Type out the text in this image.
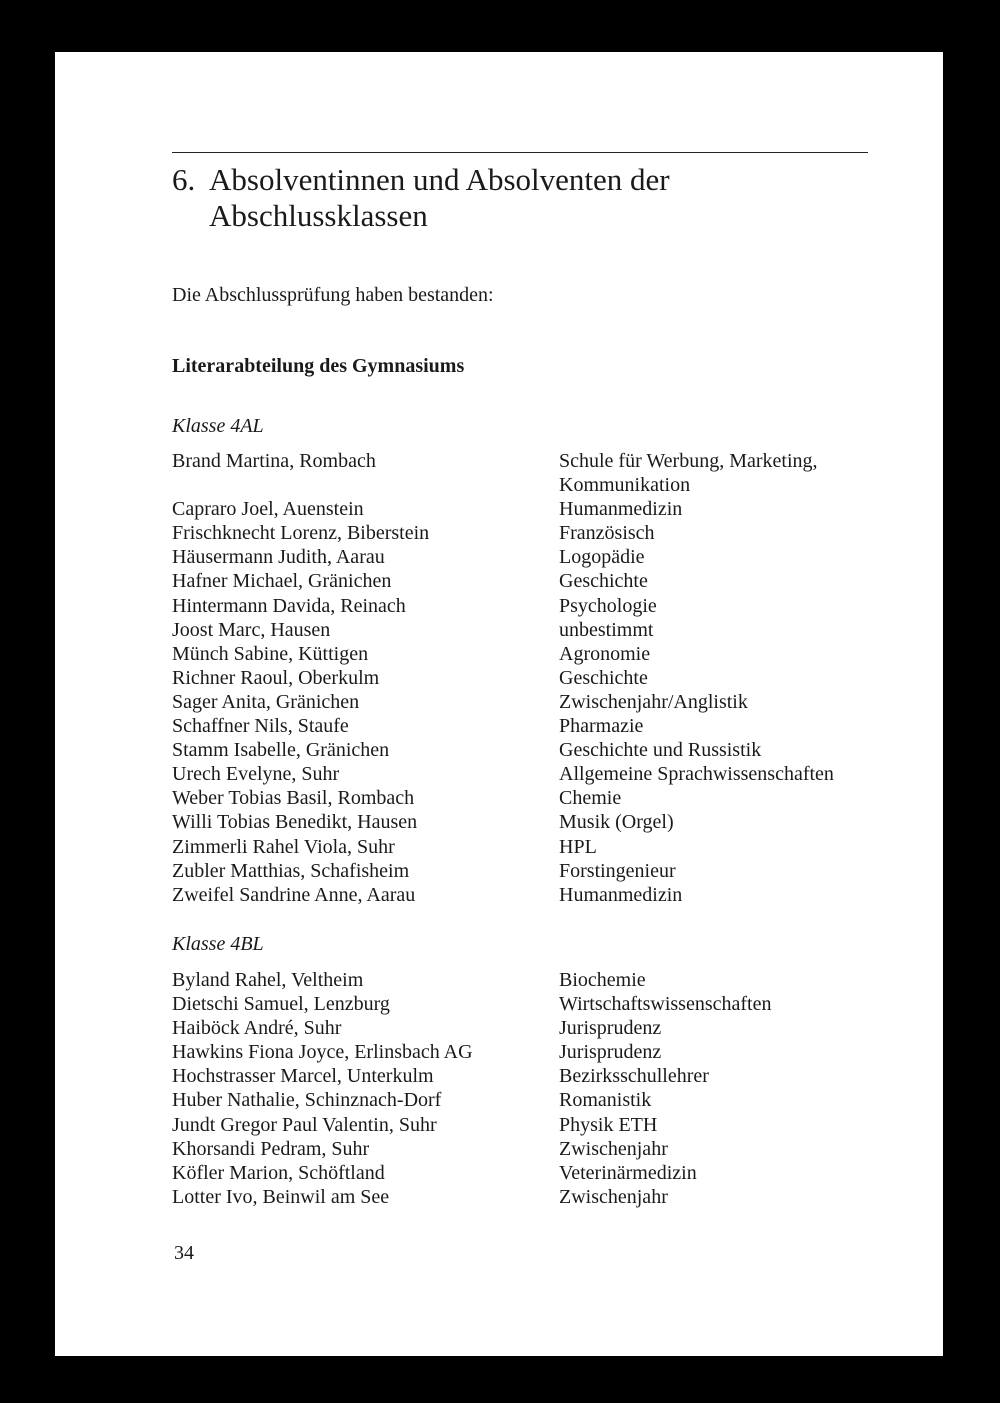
6. Absolventinnen und Absolventen der
Abschlussklassen
Die Abschlussprüfung haben bestanden:
Literarabteilung des Gymnasiums
Klasse 4AL
Brand Martina, Rombach	Schule für Werbung, Marketing,
Kommunikation
Capraro Joel, Auenstein	Humanmedizin
Frischknecht Lorenz, Biberstein	Französisch
Häusermann Judith, Aarau	Logopädie
Hafner Michael, Gränichen	Geschichte
Hintermann Davida, Reinach	Psychologie
Joost Marc, Hausen	unbestimmt
Münch Sabine, Küttigen	Agronomie
Richner Raoul, Oberkulm	Geschichte
Sager Anita, Gränichen	Zwischenjahr/Anglistik
Schaffner Nils, Staufe	Pharmazie
Stamm Isabelle, Gränichen	Geschichte und Russistik
Urech Evelyne, Suhr	Allgemeine Sprachwissenschaften
Weber Tobias Basil, Rombach	Chemie
Willi Tobias Benedikt, Hausen	Musik (Orgel)
Zimmerli Rahel Viola, Suhr	HPL
Zubler Matthias, Schafisheim	Forstingenieur
Zweifel Sandrine Anne, Aarau	Humanmedizin
Klasse 4BL
Byland Rahel, Veltheim	Biochemie
Dietschi Samuel, Lenzburg	Wirtschaftswissenschaften
Haiböck André, Suhr	Jurisprudenz
Hawkins Fiona Joyce, Erlinsbach AG	Jurisprudenz
Hochstrasser Marcel, Unterkulm	Bezirksschullehrer
Huber Nathalie, Schinznach-Dorf	Romanistik
Jundt Gregor Paul Valentin, Suhr	Physik ETH
Khorsandi Pedram, Suhr	Zwischenjahr
Köfler Marion, Schöftland	Veterinärmedizin
Lotter Ivo, Beinwil am See	Zwischenjahr
34
